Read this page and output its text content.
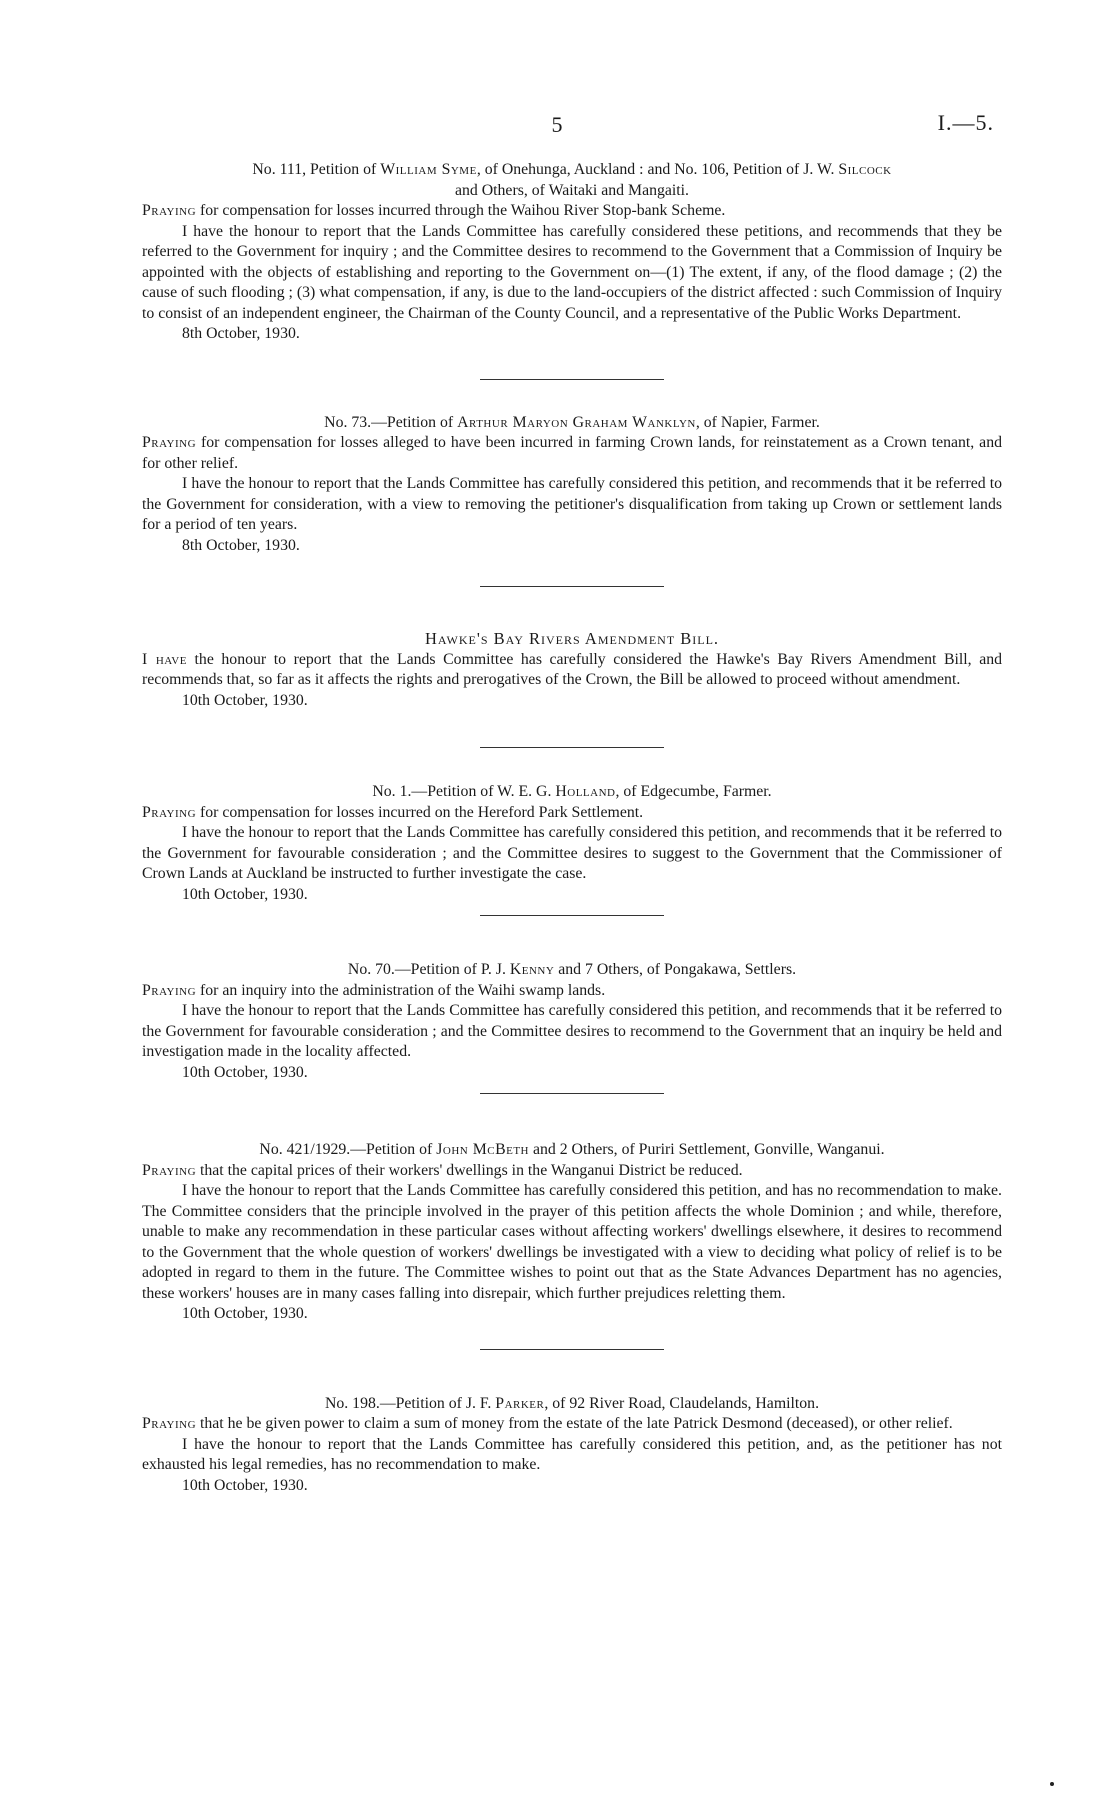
5	I.—5.

No. 111, Petition of William Syme, of Onehunga, Auckland : and No. 106, Petition of J. W. Silcock
and Others, of Waitaki and Mangaiti.

Praying for compensation for losses incurred through the Waihou River Stop-bank Scheme.

I have the honour to report that the Lands Committee has carefully considered these petitions, and recommends that they be referred to the Government for inquiry ; and the Committee desires to recommend to the Government that a Commission of Inquiry be appointed with the objects of establishing and reporting to the Government on—(1) The extent, if any, of the flood damage ; (2) the cause of such flooding ; (3) what compensation, if any, is due to the land-occupiers of the district affected : such Commission of Inquiry to consist of an independent engineer, the Chairman of the County Council, and a representative of the Public Works Department.

8th October, 1930.

No. 73.—Petition of Arthur Maryon Graham Wanklyn, of Napier, Farmer.

Praying for compensation for losses alleged to have been incurred in farming Crown lands, for reinstatement as a Crown tenant, and for other relief.

I have the honour to report that the Lands Committee has carefully considered this petition, and recommends that it be referred to the Government for consideration, with a view to removing the petitioner's disqualification from taking up Crown or settlement lands for a period of ten years.

8th October, 1930.

Hawke's Bay Rivers Amendment Bill.

I have the honour to report that the Lands Committee has carefully considered the Hawke's Bay Rivers Amendment Bill, and recommends that, so far as it affects the rights and prerogatives of the Crown, the Bill be allowed to proceed without amendment.

10th October, 1930.

No. 1.—Petition of W. E. G. Holland, of Edgecumbe, Farmer.

Praying for compensation for losses incurred on the Hereford Park Settlement.

I have the honour to report that the Lands Committee has carefully considered this petition, and recommends that it be referred to the Government for favourable consideration ; and the Committee desires to suggest to the Government that the Commissioner of Crown Lands at Auckland be instructed to further investigate the case.

10th October, 1930.

No. 70.—Petition of P. J. Kenny and 7 Others, of Pongakawa, Settlers.

Praying for an inquiry into the administration of the Waihi swamp lands.

I have the honour to report that the Lands Committee has carefully considered this petition, and recommends that it be referred to the Government for favourable consideration ; and the Committee desires to recommend to the Government that an inquiry be held and investigation made in the locality affected.

10th October, 1930.

No. 421/1929.—Petition of John McBeth and 2 Others, of Puriri Settlement, Gonville, Wanganui.

Praying that the capital prices of their workers' dwellings in the Wanganui District be reduced.

I have the honour to report that the Lands Committee has carefully considered this petition, and has no recommendation to make. The Committee considers that the principle involved in the prayer of this petition affects the whole Dominion ; and while, therefore, unable to make any recommendation in these particular cases without affecting workers' dwellings elsewhere, it desires to recommend to the Government that the whole question of workers' dwellings be investigated with a view to deciding what policy of relief is to be adopted in regard to them in the future. The Committee wishes to point out that as the State Advances Department has no agencies, these workers' houses are in many cases falling into disrepair, which further prejudices reletting them.

10th October, 1930.

No. 198.—Petition of J. F. Parker, of 92 River Road, Claudelands, Hamilton.

Praying that he be given power to claim a sum of money from the estate of the late Patrick Desmond (deceased), or other relief.

I have the honour to report that the Lands Committee has carefully considered this petition, and, as the petitioner has not exhausted his legal remedies, has no recommendation to make.

10th October, 1930.
